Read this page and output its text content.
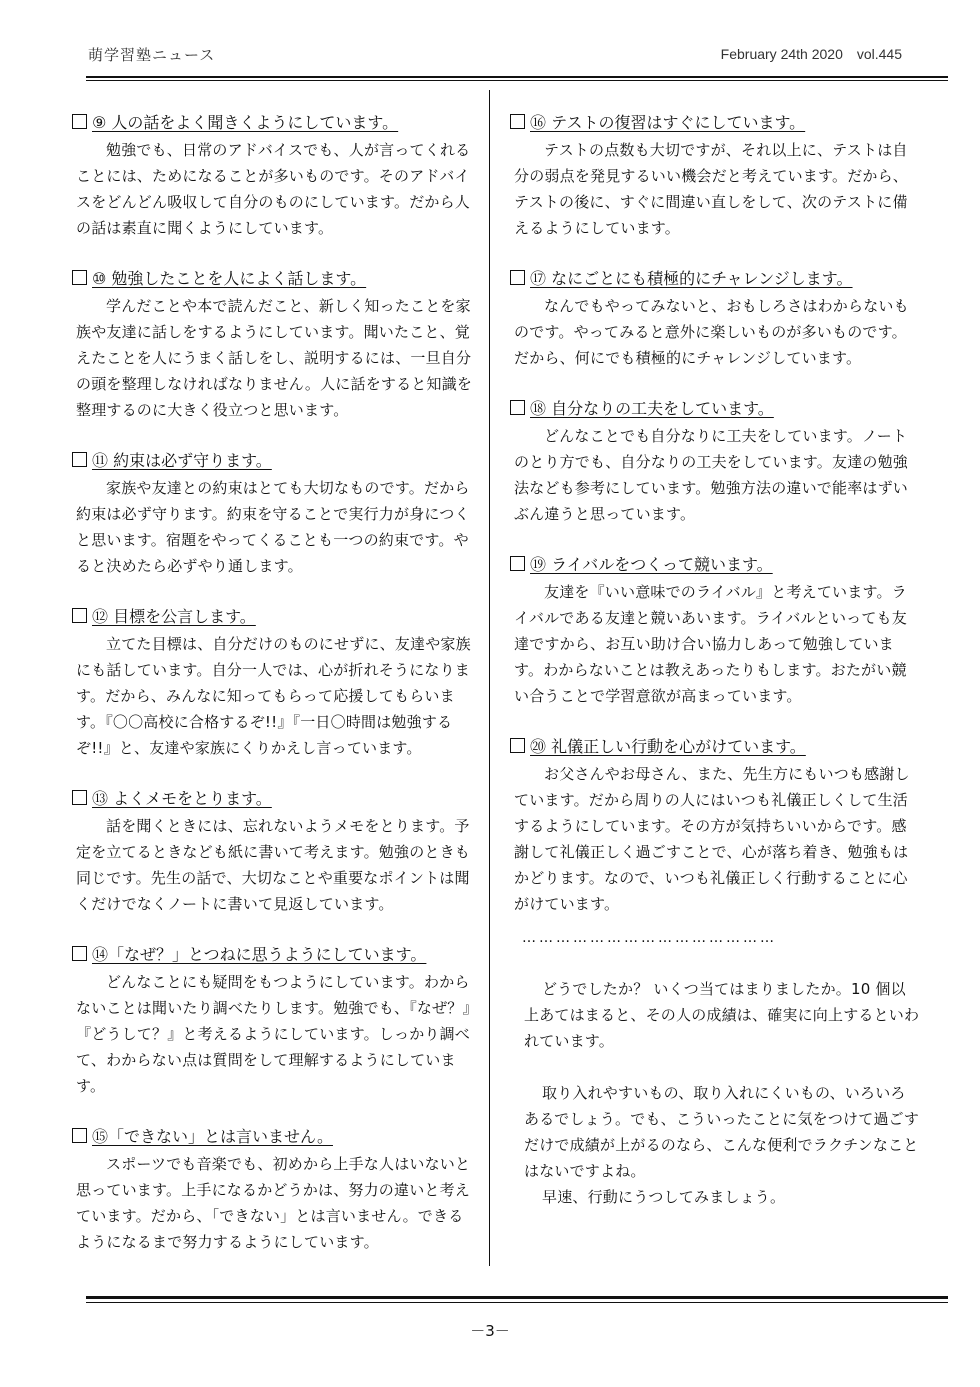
萌学習塾ニュース	February 24th 2020　vol.445
⑨ 人の話をよく聞きくようにしています。
勉強でも、日常のアドバイスでも、人が言ってくれることには、ためになることが多いものです。そのアドバイスをどんどん吸収して自分のものにしています。だから人の話は素直に聞くようにしています。
⑩ 勉強したことを人によく話します。
学んだことや本で読んだこと、新しく知ったことを家族や友達に話しをするようにしています。聞いたこと、覚えたことを人にうまく話しをし、説明するには、一旦自分の頭を整理しなければなりません。人に話をすると知識を整理するのに大きく役立つと思います。
⑪ 約束は必ず守ります。
家族や友達との約束はとても大切なものです。だから約束は必ず守ります。約束を守ることで実行力が身につくと思います。宿題をやってくることも一つの約束です。やると決めたら必ずやり通します。
⑫ 目標を公言します。
立てた目標は、自分だけのものにせずに、友達や家族にも話しています。自分一人では、心が折れそうになります。だから、みんなに知ってもらって応援してもらいます。『〇〇高校に合格するぞ!!』『一日〇時間は勉強するぞ!!』と、友達や家族にくりかえし言っています。
⑬ よくメモをとります。
話を聞くときには、忘れないようメモをとります。予定を立てるときなども紙に書いて考えます。勉強のときも同じです。先生の話で、大切なことや重要なポイントは聞くだけでなくノートに書いて見返しています。
⑭「なぜ？」とつねに思うようにしています。
どんなことにも疑問をもつようにしています。わからないことは聞いたり調べたりします。勉強でも、『なぜ？』『どうして？』と考えるようにしています。しっかり調べて、わからない点は質問をして理解するようにしています。
⑮「できない」とは言いません。
スポーツでも音楽でも、初めから上手な人はいないと思っています。上手になるかどうかは、努力の違いと考えています。だから、「できない」とは言いません。できるようになるまで努力するようにしています。
⑯ テストの復習はすぐにしています。
テストの点数も大切ですが、それ以上に、テストは自分の弱点を発見するいい機会だと考えています。だから、テストの後に、すぐに間違い直しをして、次のテストに備えるようにしています。
⑰ なにごとにも積極的にチャレンジします。
なんでもやってみないと、おもしろさはわからないものです。やってみると意外に楽しいものが多いものです。だから、何にでも積極的にチャレンジしています。
⑱ 自分なりの工夫をしています。
どんなことでも自分なりに工夫をしています。ノートのとり方でも、自分なりの工夫をしています。友達の勉強法なども参考にしています。勉強方法の違いで能率はずいぶん違うと思っています。
⑲ ライバルをつくって競います。
友達を『いい意味でのライバル』と考えています。ライバルである友達と競いあいます。ライバルといっても友達ですから、お互い助け合い協力しあって勉強しています。わからないことは教えあったりもします。おたがい競い合うことで学習意欲が高まっています。
⑳ 礼儀正しい行動を心がけています。
お父さんやお母さん、また、先生方にもいつも感謝しています。だから周りの人にはいつも礼儀正しくして生活するようにしています。その方が気持ちいいからです。感謝して礼儀正しく過ごすことで、心が落ち着き、勉強もはかどります。なので、いつも礼儀正しく行動することに心がけています。
………………………………………
どうでしたか？ いくつ当てはまりましたか。10 個以上あてはまると、その人の成績は、確実に向上するといわれています。
取り入れやすいもの、取り入れにくいもの、いろいろあるでしょう。でも、こういったことに気をつけて過ごすだけで成績が上がるのなら、こんな便利でラクチンなことはないですよね。
早速、行動にうつしてみましょう。
－3－
